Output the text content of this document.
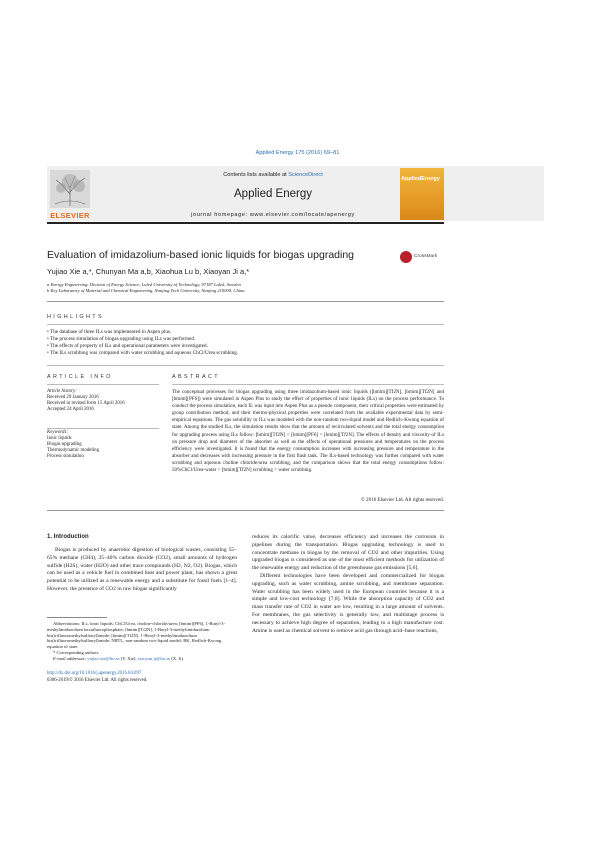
Applied Energy 175 (2016) 69–81
ELSEVIER
Contents lists available at ScienceDirect
Applied Energy
journal homepage: www.elsevier.com/locate/apenergy
AppliedEnergy
Evaluation of imidazolium-based ionic liquids for biogas upgrading	CrossMark
Yujiao Xie a,*, Chunyan Ma a,b, Xiaohua Lu b, Xiaoyan Ji a,*
a Energy Engineering, Division of Energy Science, Luleå University of Technology, 97187 Luleå, Sweden
b Key Laboratory of Material and Chemical Engineering, Nanjing Tech University, Nanjing 210009, China
HIGHLIGHTS
• The database of three ILs was implemented in Aspen plus.
• The process simulation of biogas upgrading using ILs was performed.
• The effects of property of ILs and operational parameters were investigated.
• The ILs scrubbing was compared with water scrubbing and aqueous ChCl/Urea scrubbing.
ARTICLE INFO	ABSTRACT
Article history:
Received 29 January 2016
Received in revised form 15 April 2016
Accepted 24 April 2016
Keywords:
Ionic liquids
Biogas upgrading
Thermodynamic modeling
Process simulation
The conceptual processes for biogas upgrading using three imidazolium-based ionic liquids ([bmim][Tf2N], [bmim][Tf2N] and [bmim][PF6]) were simulated in Aspen Plus to study the effect of properties of ionic liquids (ILs) on the process performance. To conduct the process simulation, each IL was input into Aspen Plus as a pseudo component, their critical properties were estimated by group contribution method, and their thermo-physical properties were correlated from the available experimental data by semi-empirical equations. The gas solubility in ILs was modeled with the non-random two-liquid model and Redlich–Kwong equation of state. Among the studied ILs, the simulation results show that the amount of recirculated solvents and the total energy consumption for upgrading process using ILs follow: [bmim][Tf2N] < [bmim][PF6] < [hmim][Tf2N]. The effects of density and viscosity of ILs on pressure drop and diameter of the absorber as well as the effects of operational pressures and temperatures on the process efficiency were investigated. It is found that the energy consumption increases with increasing pressure and temperature in the absorber and decreases with increasing pressure in the first flash tank. The ILs-based technology was further compared with water scrubbing and aqueous choline chloride/urea scrubbing, and the comparison shows that the total energy consumptions follow: 50%ChCl/Urea-water < [bmim][Tf2N] scrubbing < water scrubbing.
© 2016 Elsevier Ltd. All rights reserved.
1. Introduction

Biogas is produced by anaerobic digestion of biological wastes, consisting 55–65% methane (CH4), 35–40% carbon dioxide (CO2), small amounts of hydrogen sulfide (H2S), water (H2O) and other trace compounds (H2, N2, O2). Biogas, which can be used as a vehicle fuel in combined heat and power plant, has shown a great potential to be utilized as a renewable energy and a substitute for fossil fuels [1–4]. However, the presence of CO2 in raw biogas significantly

reduces its calorific value, decreases efficiency and increases the corrosion in pipelines during the transportation. Biogas upgrading technology is used to concentrate methane in biogas by the removal of CO2 and other impurities. Using upgraded biogas is considered as one of the most efficient methods for utilization of the renewable energy and reduction of the greenhouse gas emissions [5,6].

Different technologies have been developed and commercialized for biogas upgrading, such as water scrubbing, amine scrubbing, and membrane separation. Water scrubbing has been widely used in the European countries because it is a simple and low-cost technology [7,8]. While the absorption capacity of CO2 and mass transfer rate of CO2 in water are low, resulting in a large amount of solvents. For membranes, the gas selectivity is generally low, and multistage process is necessary to achieve high degree of separation, leading to a high manufacture cost. Amine is used as chemical solvent to remove acid gas through acid–base reactions,

Abbreviations: ILs, ionic liquids; ChCl/Urea, choline-chloride/urea; [bmim][PF6], 1-Butyl-3-methylimidazolium hexafluorophosphate; [bmim][Tf2N], 1-Butyl-3-methylimidazolium bis(trifluoromethylsulfonyl)imide; [hmim][Tf2N], 1-Hexyl-3-methylimidazolium bis(trifluoromethylsulfonyl)imide; NRTL, non-random two-liquid model; RK, Redlich-Kwong equation of state.
* Corresponding authors.
E-mail addresses: yujiao.xie@ltu.se (Y. Xie), xiaoyan.ji@ltu.se (X. Ji).
http://dx.doi.org/10.1016/j.apenergy.2016.04.097
0306-2619/© 2016 Elsevier Ltd. All rights reserved.
